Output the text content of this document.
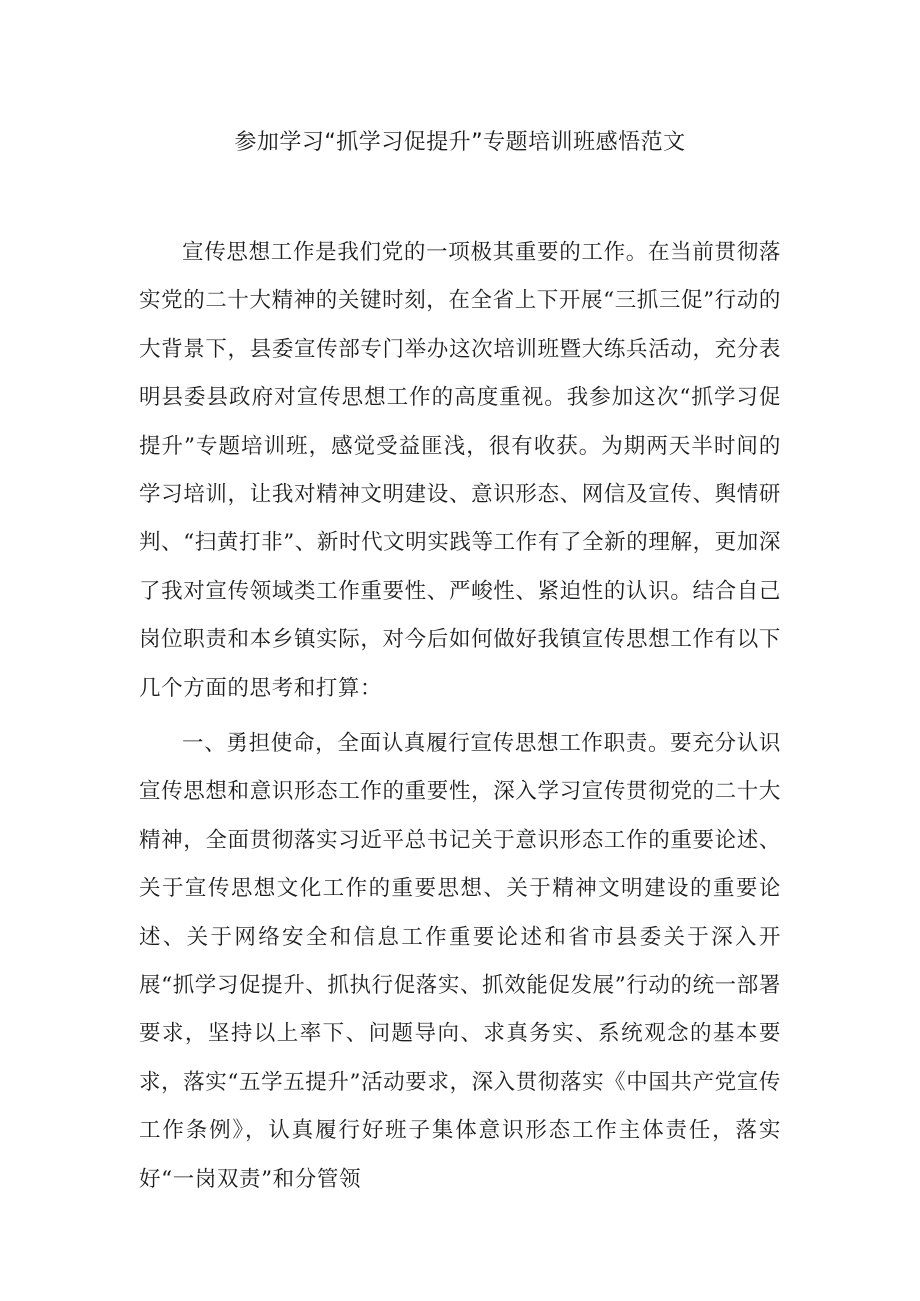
参加学习“抓学习促提升”专题培训班感悟范文

宣传思想工作是我们党的一项极其重要的工作。在当前贯彻落实党的二十大精神的关键时刻，在全省上下开展“三抓三促”行动的大背景下，县委宣传部专门举办这次培训班暨大练兵活动，充分表明县委县政府对宣传思想工作的高度重视。我参加这次“抓学习促提升”专题培训班，感觉受益匪浅，很有收获。为期两天半时间的学习培训，让我对精神文明建设、意识形态、网信及宣传、舆情研判、“扫黄打非”、新时代文明实践等工作有了全新的理解，更加深了我对宣传领域类工作重要性、严峻性、紧迫性的认识。结合自己岗位职责和本乡镇实际，对今后如何做好我镇宣传思想工作有以下几个方面的思考和打算：

一、勇担使命，全面认真履行宣传思想工作职责。要充分认识宣传思想和意识形态工作的重要性，深入学习宣传贯彻党的二十大精神，全面贯彻落实习近平总书记关于意识形态工作的重要论述、关于宣传思想文化工作的重要思想、关于精神文明建设的重要论述、关于网络安全和信息工作重要论述和省市县委关于深入开展“抓学习促提升、抓执行促落实、抓效能促发展”行动的统一部署要求，坚持以上率下、问题导向、求真务实、系统观念的基本要求，落实“五学五提升”活动要求，深入贯彻落实《中国共产党宣传工作条例》，认真履行好班子集体意识形态工作主体责任，落实好“一岗双责”和分管领
